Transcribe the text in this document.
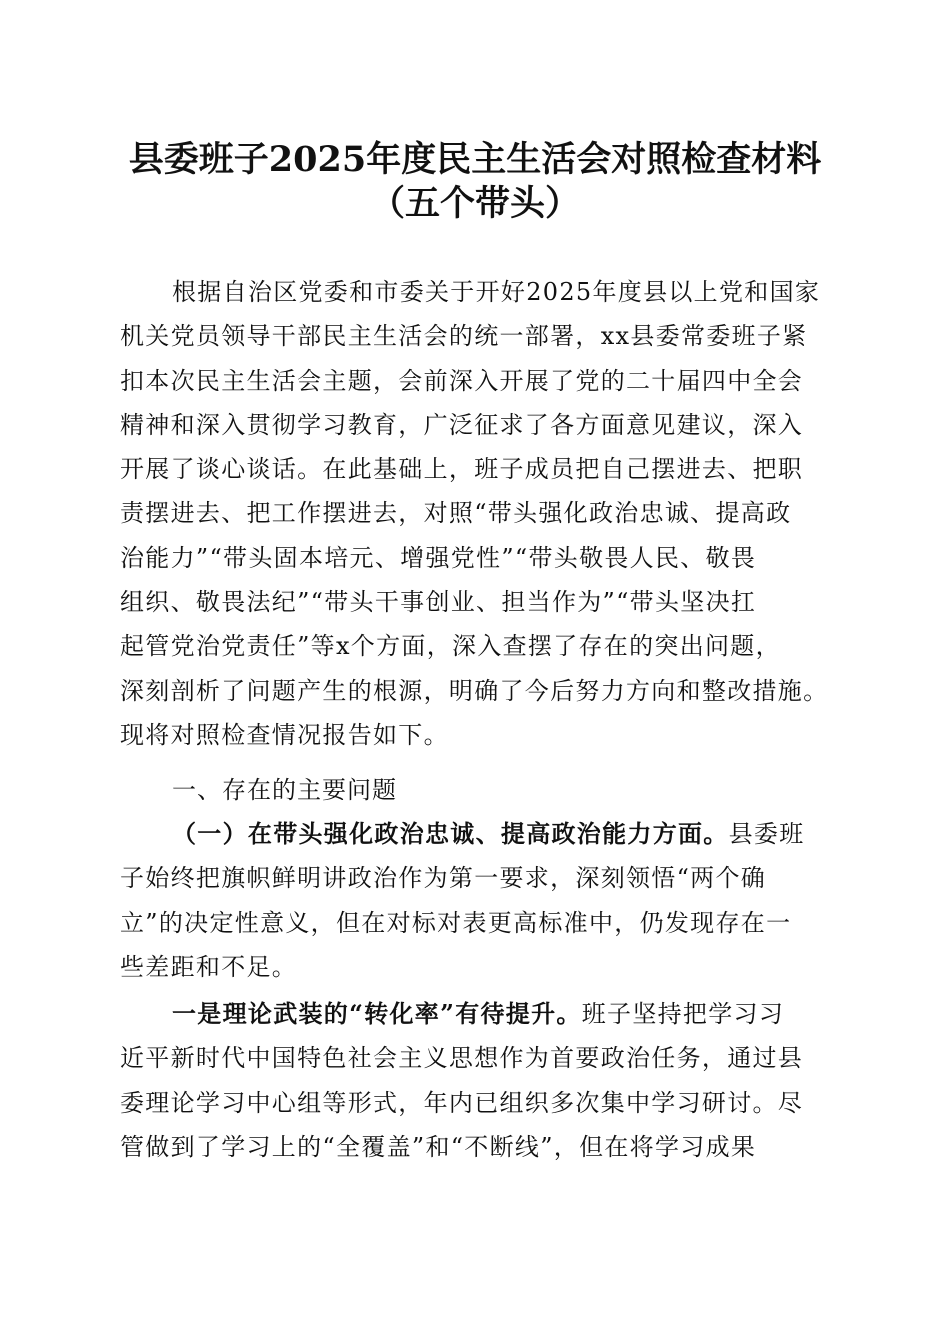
县委班子2025年度民主生活会对照检查材料
（五个带头）
根据自治区党委和市委关于开好2025年度县以上党和国家
机关党员领导干部民主生活会的统一部署，xx县委常委班子紧
扣本次民主生活会主题，会前深入开展了党的二十届四中全会
精神和深入贯彻学习教育，广泛征求了各方面意见建议，深入
开展了谈心谈话。在此基础上，班子成员把自己摆进去、把职
责摆进去、把工作摆进去，对照“带头强化政治忠诚、提高政
治能力”“带头固本培元、增强党性”“带头敬畏人民、敬畏
组织、敬畏法纪”“带头干事创业、担当作为”“带头坚决扛
起管党治党责任”等x个方面，深入查摆了存在的突出问题，
深刻剖析了问题产生的根源，明确了今后努力方向和整改措施。
现将对照检查情况报告如下。
一、存在的主要问题
（一）在带头强化政治忠诚、提高政治能力方面。县委班
子始终把旗帜鲜明讲政治作为第一要求，深刻领悟“两个确
立”的决定性意义，但在对标对表更高标准中，仍发现存在一
些差距和不足。
一是理论武装的“转化率”有待提升。班子坚持把学习习
近平新时代中国特色社会主义思想作为首要政治任务，通过县
委理论学习中心组等形式，年内已组织多次集中学习研讨。尽
管做到了学习上的“全覆盖”和“不断线”，但在将学习成果
